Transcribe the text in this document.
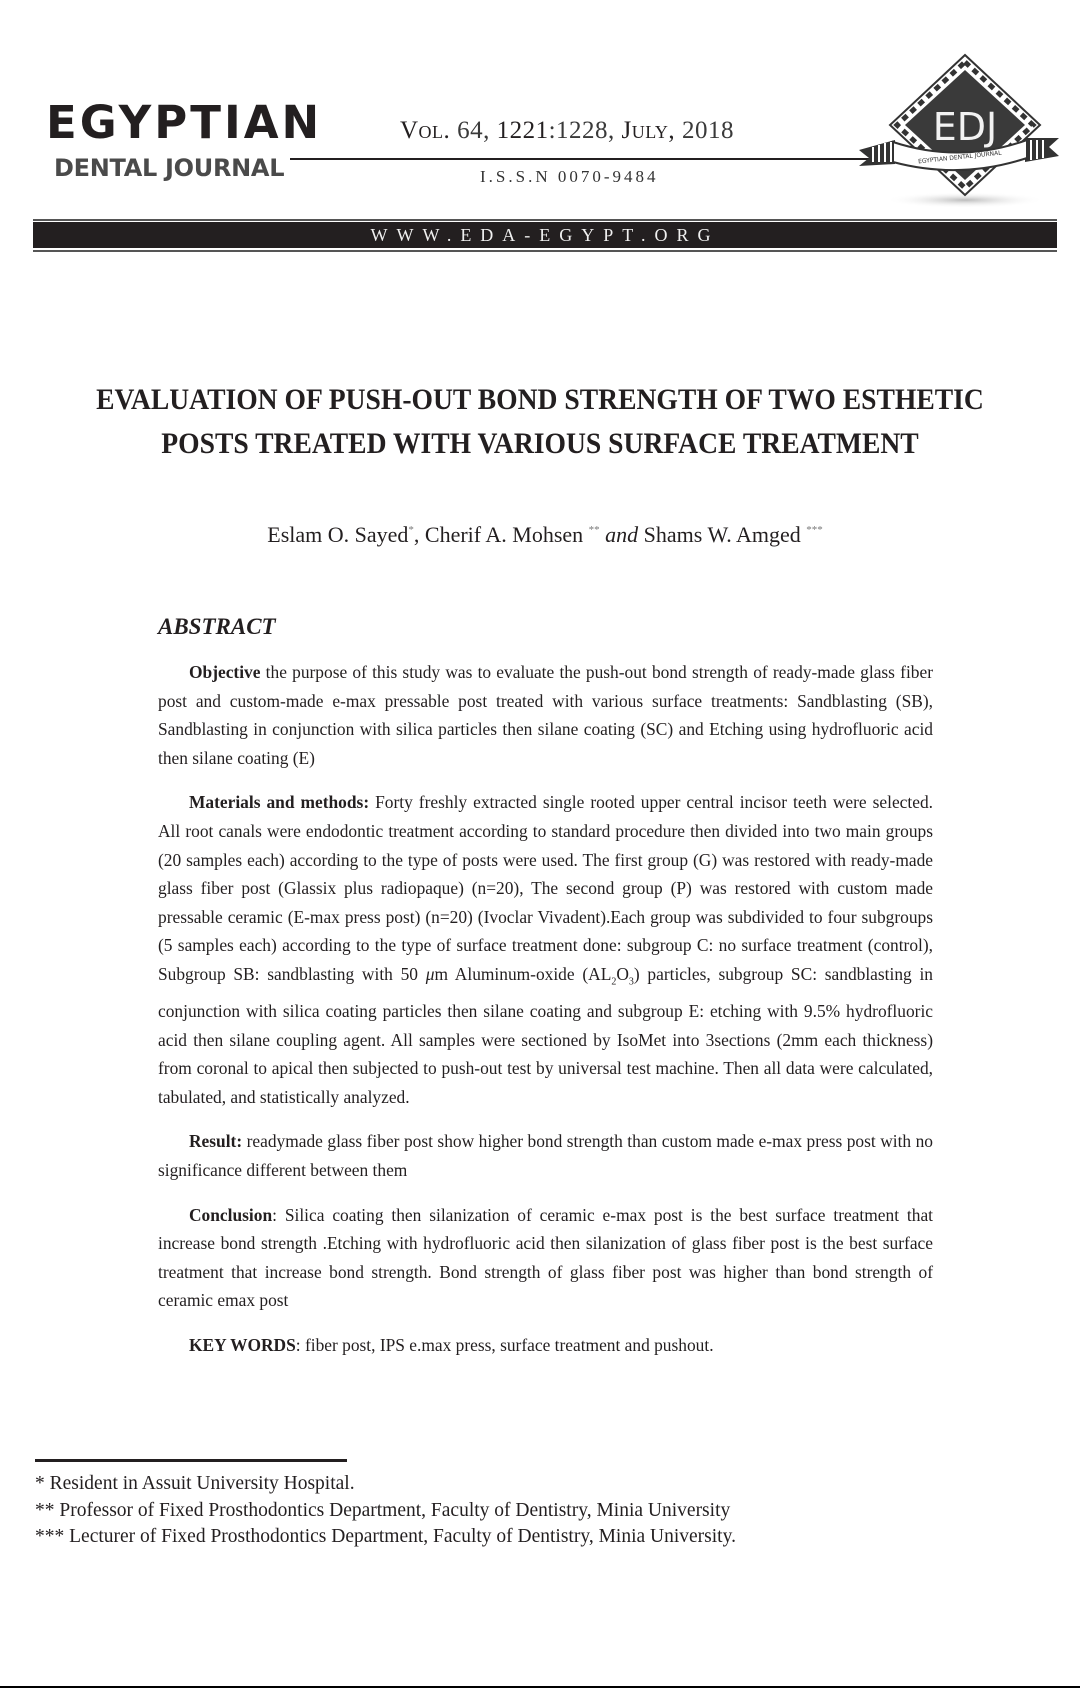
EGYPTIAN
DENTAL JOURNAL
Vol. 64, 1221:1228, July, 2018
I.S.S.N 0070-9484
EDJ
EGYPTIAN DENTAL JOURNAL
WWW.EDA-EGYPT.ORG
EVALUATION OF PUSH-OUT BOND STRENGTH OF TWO ESTHETIC
POSTS TREATED WITH VARIOUS SURFACE TREATMENT
Eslam O. Sayed*, Cherif A. Mohsen ** and Shams W. Amged ***
ABSTRACT

Objective the purpose of this study was to evaluate the push-out bond strength of ready-made glass fiber post and custom-made e-max pressable post treated with various surface treatments: Sandblasting (SB), Sandblasting in conjunction with silica particles then silane coating (SC) and Etching using hydrofluoric acid then silane coating (E)

Materials and methods: Forty freshly extracted single rooted upper central incisor teeth were selected. All root canals were endodontic treatment according to standard procedure then divided into two main groups (20 samples each) according to the type of posts were used. The first group (G) was restored with ready-made glass fiber post (Glassix plus radiopaque) (n=20), The second group (P) was restored with custom made pressable ceramic (E-max press post) (n=20) (Ivoclar Vivadent).Each group was subdivided to four subgroups (5 samples each) according to the type of surface treatment done: subgroup C: no surface treatment (control), Subgroup SB: sandblasting with 50 μm Aluminum-oxide $(AL_2O_3)$ particles, subgroup SC: sandblasting in conjunction with silica coating particles then silane coating and subgroup E: etching with 9.5% hydrofluoric acid then silane coupling agent. All samples were sectioned by IsoMet into 3sections (2mm each thickness) from coronal to apical then subjected to push-out test by universal test machine. Then all data were calculated, tabulated, and statistically analyzed.

Result: readymade glass fiber post show higher bond strength than custom made e-max press post with no significance different between them

Conclusion: Silica coating then silanization of ceramic e-max post is the best surface treatment that increase bond strength .Etching with hydrofluoric acid then silanization of glass fiber post is the best surface treatment that increase bond strength. Bond strength of glass fiber post was higher than bond strength of ceramic emax post

KEY WORDS: fiber post, IPS e.max press, surface treatment and pushout.

* Resident in Assuit University Hospital.
** Professor of Fixed Prosthodontics Department, Faculty of Dentistry, Minia University
*** Lecturer of Fixed Prosthodontics Department, Faculty of Dentistry, Minia University.
